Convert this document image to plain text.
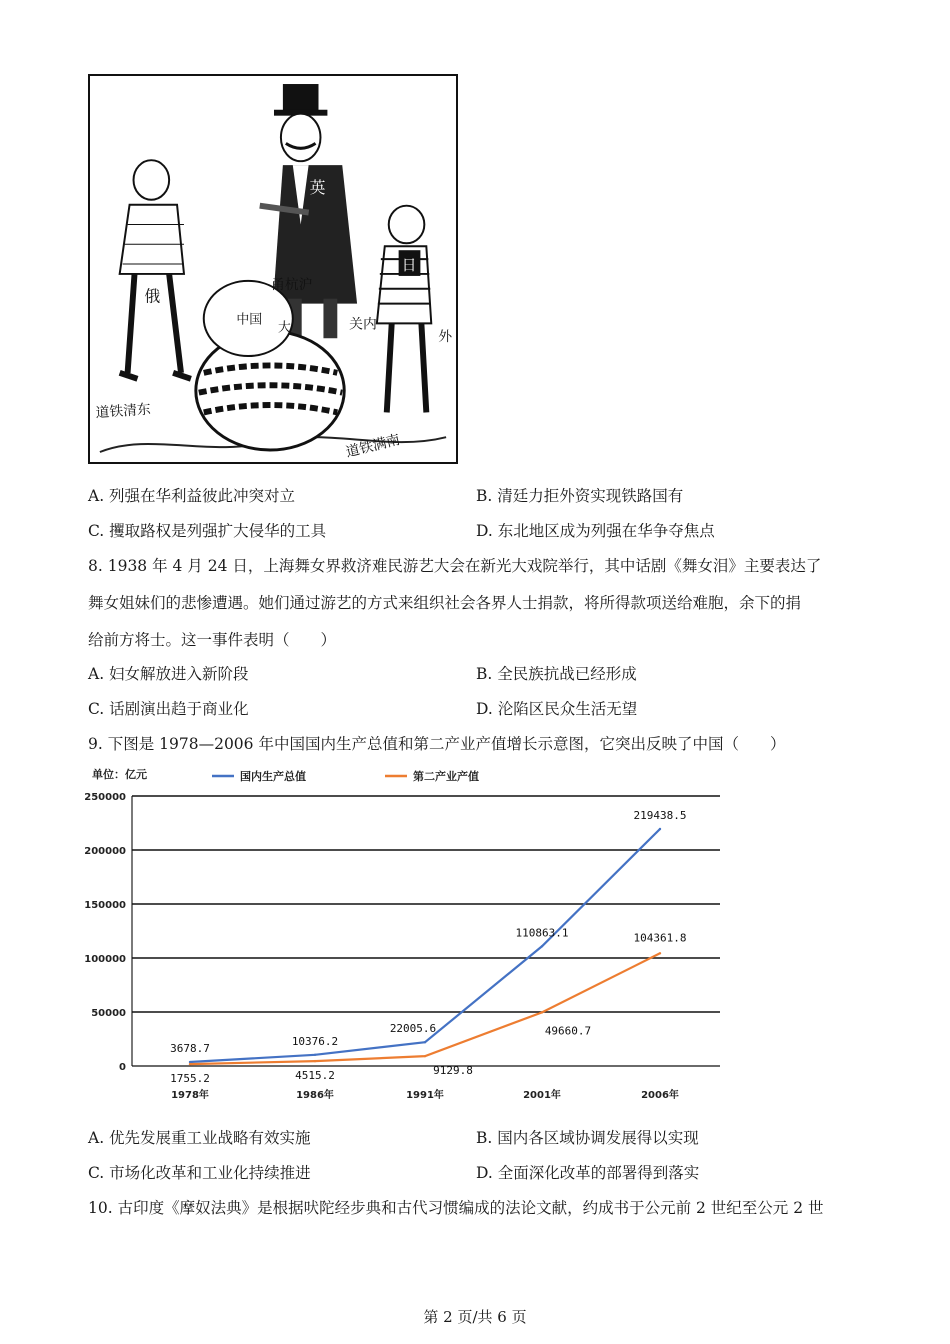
英
俄
日
中国
大
甬杭沪
关内
外
道铁清东
道铁满南
A. 列强在华利益彼此冲突对立	B. 清廷力拒外资实现铁路国有
C. 攫取路权是列强扩大侵华的工具	D. 东北地区成为列强在华争夺焦点
8. 1938 年 4 月 24 日，上海舞女界救济难民游艺大会在新光大戏院举行，其中话剧《舞女泪》主要表达了
舞女姐妹们的悲惨遭遇。她们通过游艺的方式来组织社会各界人士捐款，将所得款项送给难胞，余下的捐
给前方将士。这一事件表明（　　）
A. 妇女解放进入新阶段	B. 全民族抗战已经形成
C. 话剧演出趋于商业化	D. 沦陷区民众生活无望
9. 下图是 1978—2006 年中国国内生产总值和第二产业产值增长示意图，它突出反映了中国（　　）
单位：亿元	国内生产总值	第二产业产值
0
50000
100000
150000
200000
250000
1978年	1986年	1991年	2001年	2006年
3678.7
10376.2
22005.6
110863.1
219438.5
1755.2	4515.2	9129.8
49660.7
104361.8
A. 优先发展重工业战略有效实施	B. 国内各区域协调发展得以实现
C. 市场化改革和工业化持续推进	D. 全面深化改革的部署得到落实
10. 古印度《摩奴法典》是根据吠陀经步典和古代习惯编成的法论文献，约成书于公元前 2 世纪至公元 2 世
第 2 页/共 6 页
